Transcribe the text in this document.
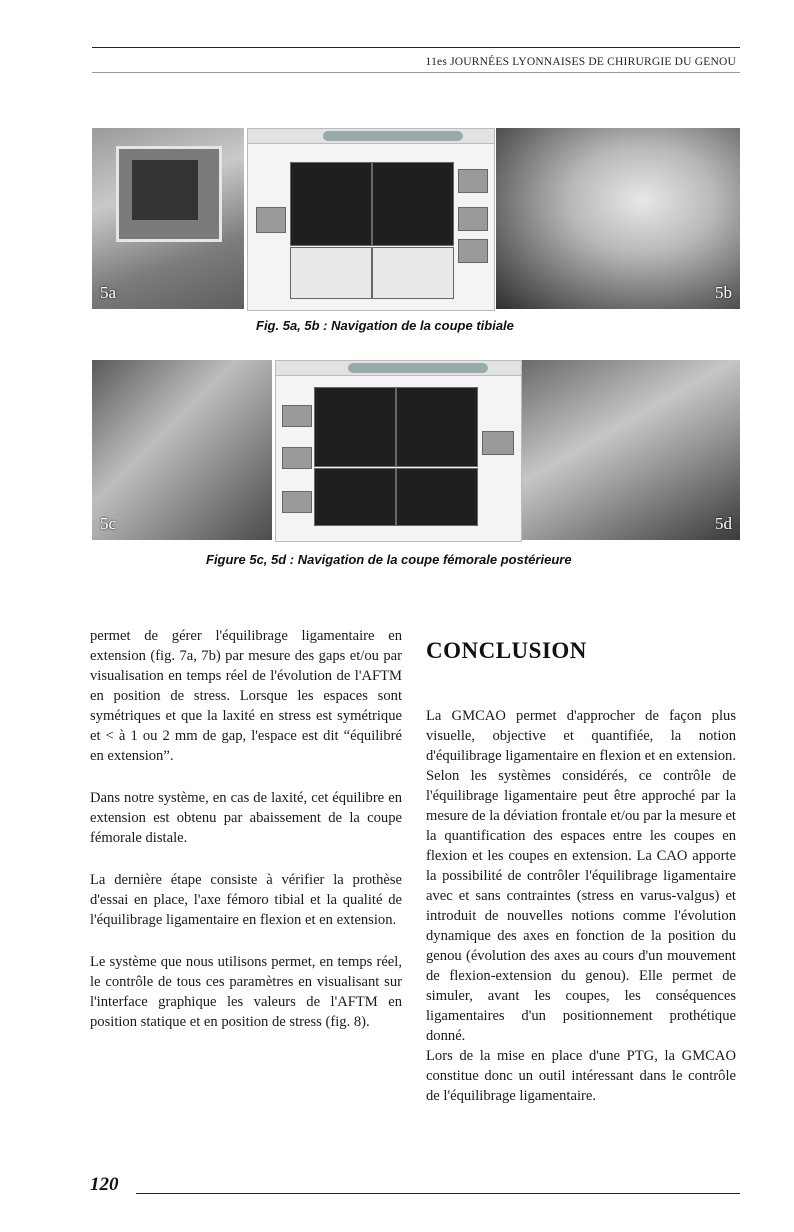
11es JOURNÉES LYONNAISES DE CHIRURGIE DU GENOU
5a	5b
Fig. 5a, 5b : Navigation de la coupe tibiale
5c	5d
Figure 5c, 5d : Navigation de la coupe fémorale postérieure

permet de gérer l'équilibrage ligamentaire en extension (fig. 7a, 7b) par mesure des gaps et/ou par visualisation en temps réel de l'évolution de l'AFTM en position de stress. Lorsque les espaces sont symétriques et que la laxité en stress est symétrique et < à 1 ou 2 mm de gap, l'espace est dit “équilibré en extension”.

Dans notre système, en cas de laxité, cet équilibre en extension est obtenu par abaissement de la coupe fémorale distale.

La dernière étape consiste à vérifier la prothèse d'essai en place, l'axe fémoro tibial et la qualité de l'équilibrage ligamentaire en flexion et en extension.

Le système que nous utilisons permet, en temps réel, le contrôle de tous ces paramètres en visualisant sur l'interface graphique les valeurs de l'AFTM en position statique et en position de stress (fig. 8).

CONCLUSION

La GMCAO permet d'approcher de façon plus visuelle, objective et quantifiée, la notion d'équilibrage ligamentaire en flexion et en extension. Selon les systèmes considérés, ce contrôle de l'équilibrage ligamentaire peut être approché par la mesure de la déviation frontale et/ou par la mesure et la quantification des espaces entre les coupes en flexion et les coupes en extension. La CAO apporte la possibilité de contrôler l'équilibrage ligamentaire avec et sans contraintes (stress en varus-valgus) et introduit de nouvelles notions comme l'évolution dynamique des axes en fonction de la position du genou (évolution des axes au cours d'un mouvement de flexion-extension du genou). Elle permet de simuler, avant les coupes, les conséquences ligamentaires d'un positionnement prothétique donné.

Lors de la mise en place d'une PTG, la GMCAO constitue donc un outil intéressant dans le contrôle de l'équilibrage ligamentaire.

120
